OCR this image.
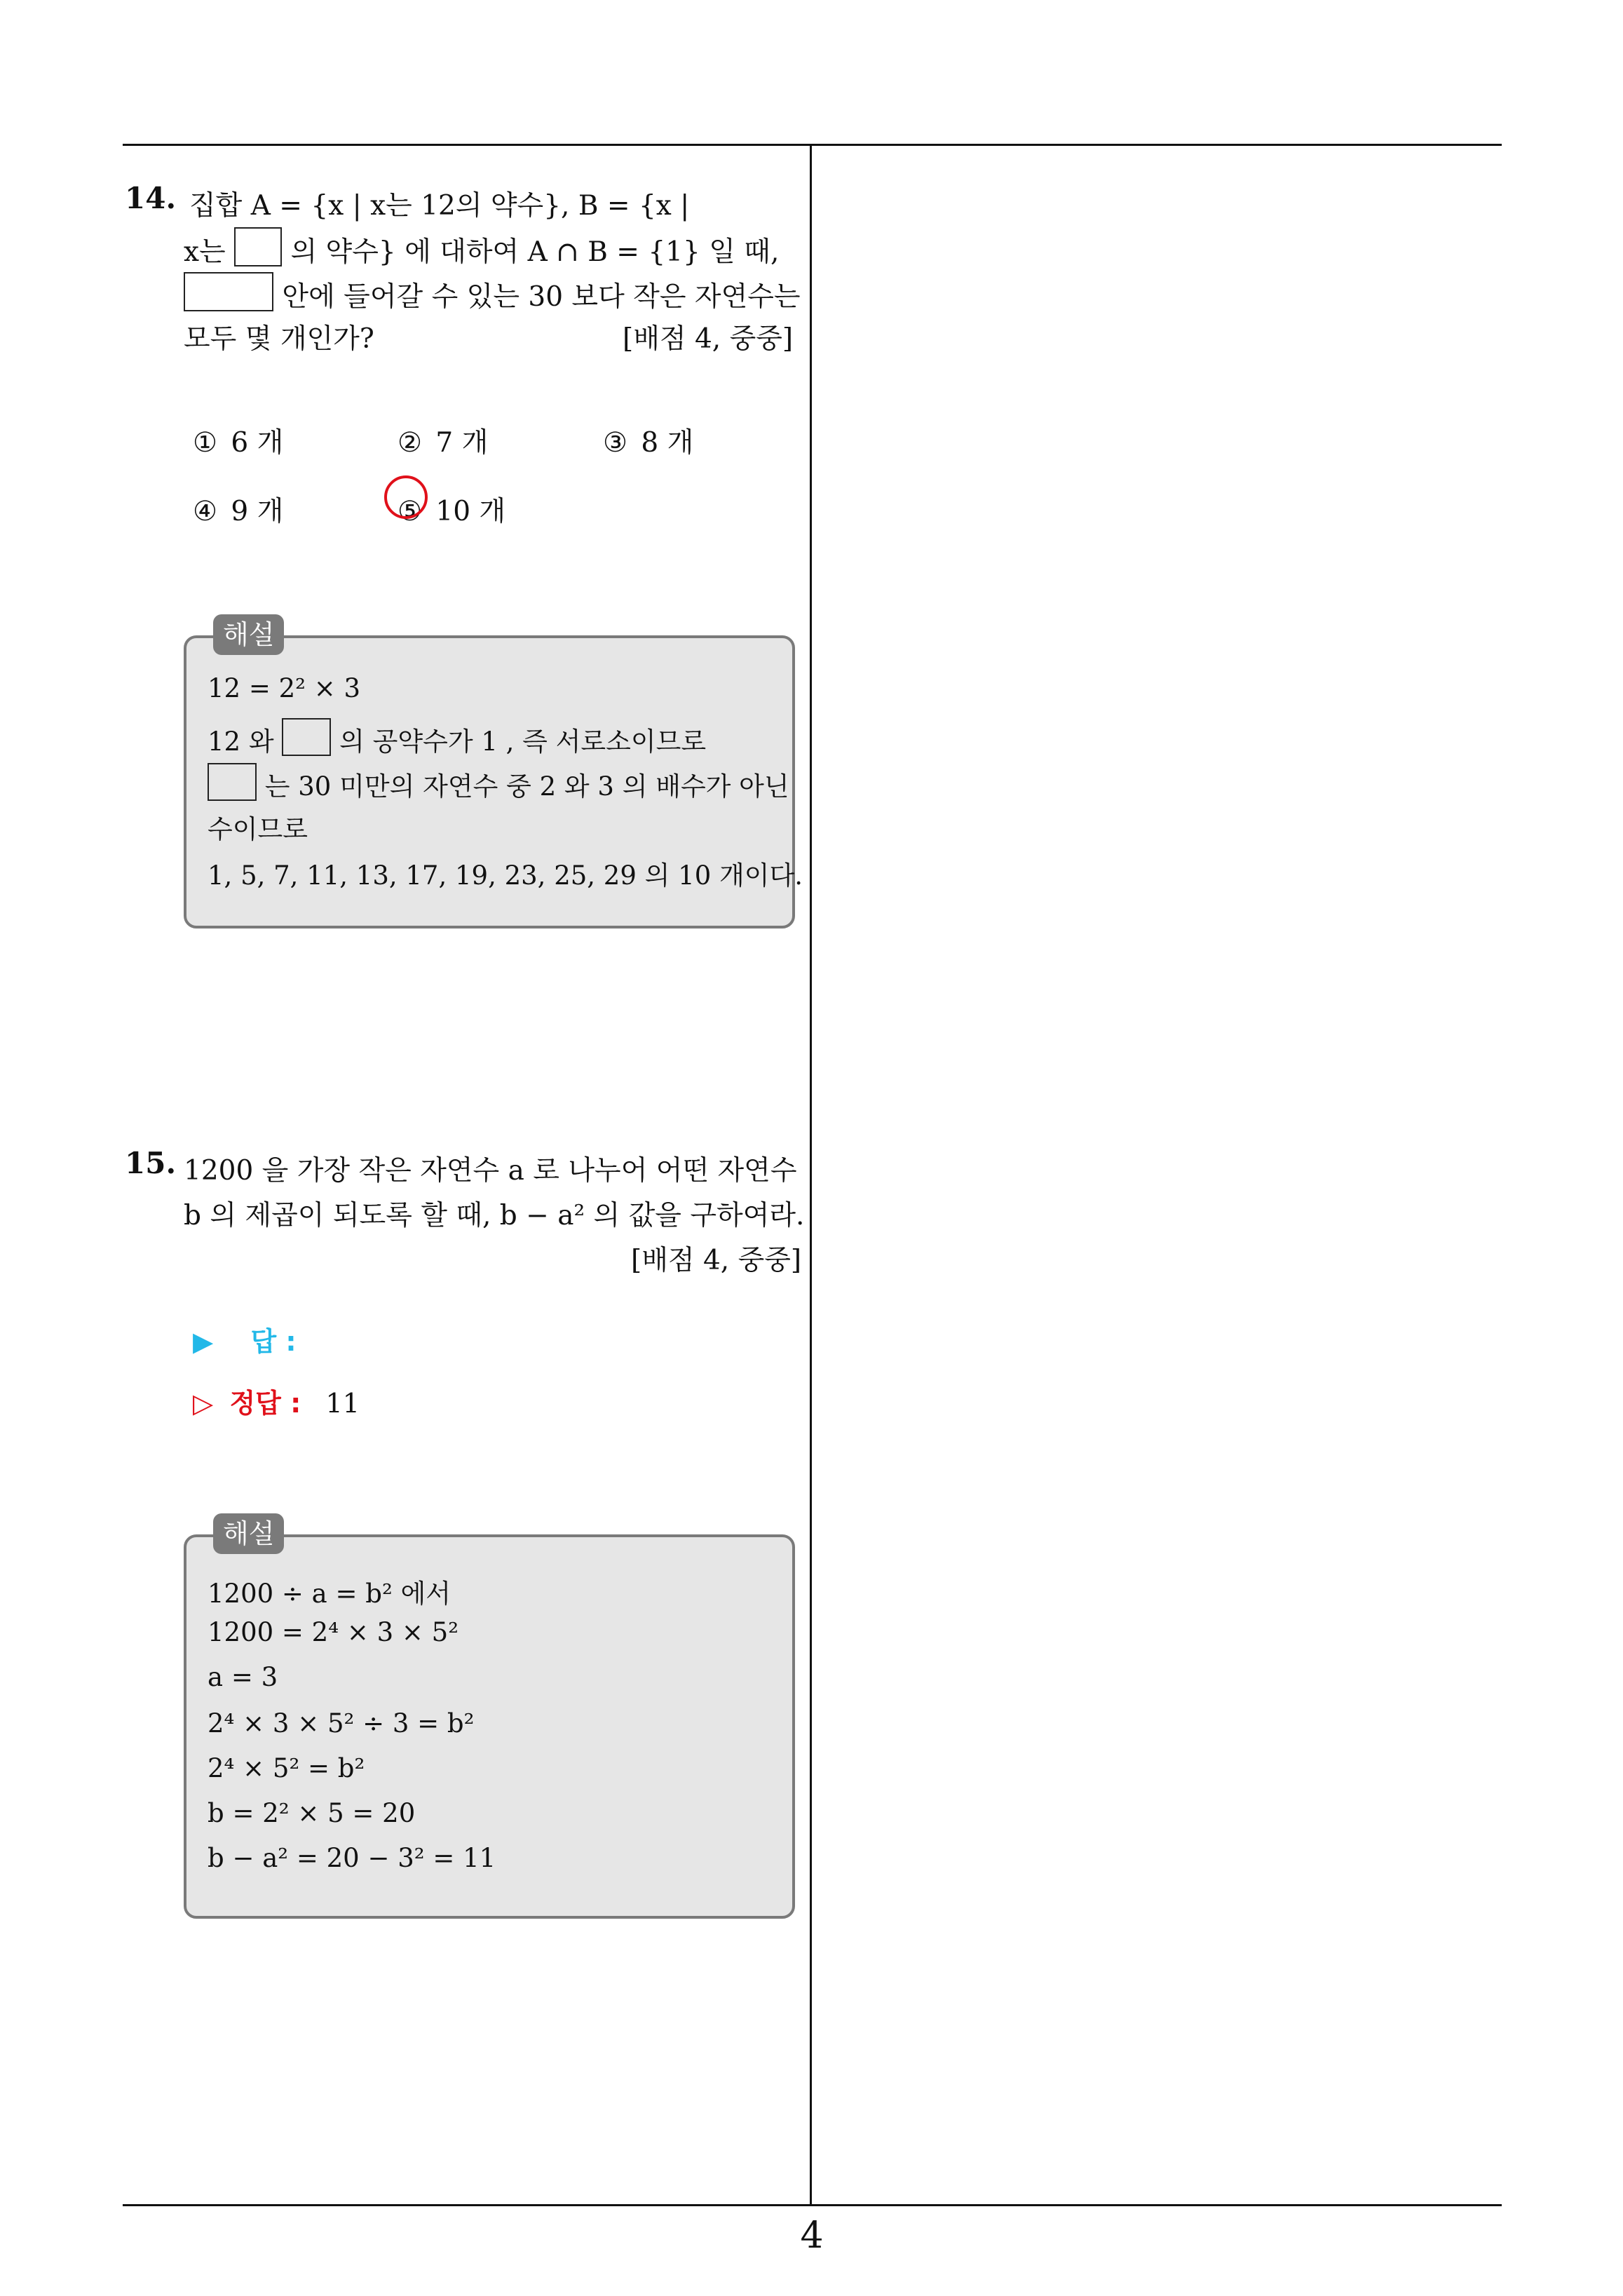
14. 집합 A = {x | x는 12의 약수}, B = {x |
x는 의 약수} 에 대하여 A ∩ B = {1} 일 때,
안에 들어갈 수 있는 30 보다 작은 자연수는
모두 몇 개인가?	[배점 4, 중중]
① 6 개	② 7 개	③ 8 개
④ 9 개	⑤ 10 개
해설
12 = 2² × 3
12 와	의 공약수가 1 , 즉 서로소이므로
는 30 미만의 자연수 중 2 와 3 의 배수가 아닌
수이므로
1, 5, 7, 11, 13, 17, 19, 23, 25, 29 의 10 개이다.
15. 1200 을 가장 작은 자연수 a 로 나누어 어떤 자연수
b 의 제곱이 되도록 할 때, b − a² 의 값을 구하여라.
[배점 4, 중중]
▶ 답 :
▷ 정답 : 11
해설
1200 ÷ a = b² 에서
1200 = 2⁴ × 3 × 5²
a = 3
2⁴ × 3 × 5² ÷ 3 = b²
2⁴ × 5² = b²
b = 2² × 5 = 20
b − a² = 20 − 3² = 11
4
